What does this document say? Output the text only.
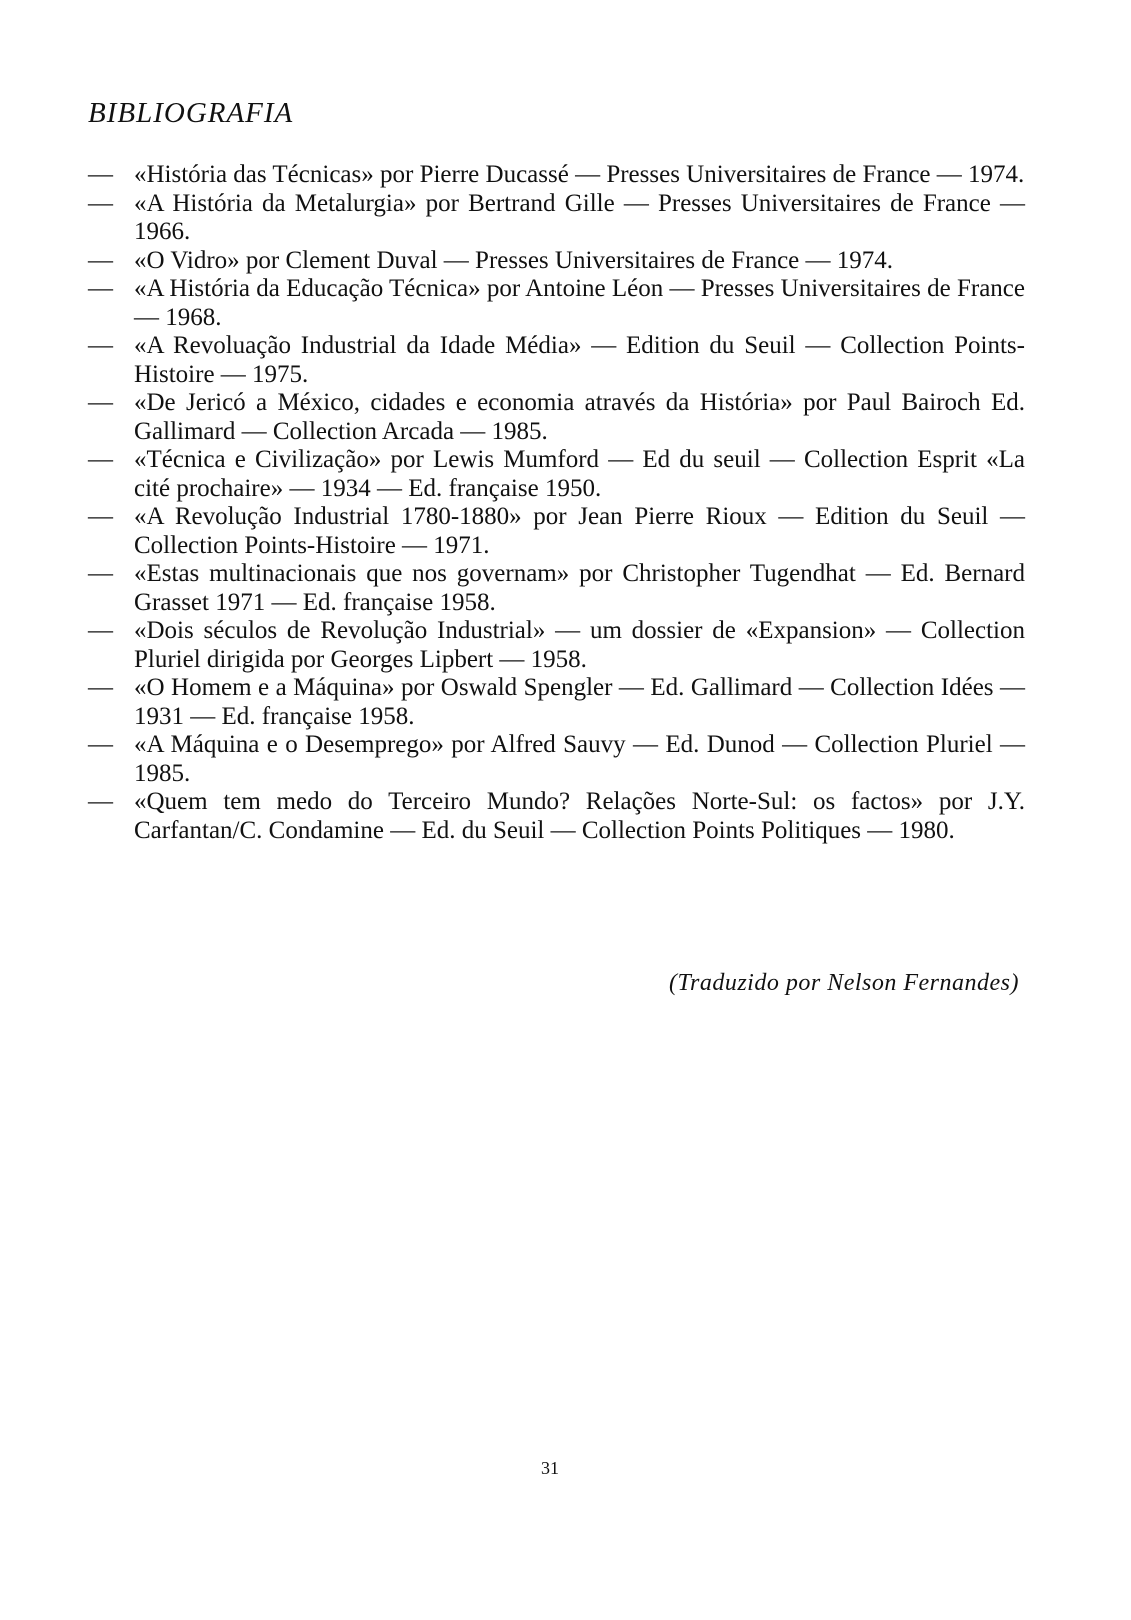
BIBLIOGRAFIA
— «História das Técnicas» por Pierre Ducassé — Presses Universitaires de France — 1974.
— «A História da Metalurgia» por Bertrand Gille — Presses Universitaires de France — 1966.
— «O Vidro» por Clement Duval — Presses Universitaires de France — 1974.
— «A História da Educação Técnica» por Antoine Léon — Presses Universitaires de France — 1968.
— «A Revoluação Industrial da Idade Média» — Edition du Seuil — Collection Points-Histoire — 1975.
— «De Jericó a México, cidades e economia através da História» por Paul Bairoch Ed. Gallimard — Collection Arcada — 1985.
— «Técnica e Civilização» por Lewis Mumford — Ed du seuil — Collection Esprit «La cité prochaire» — 1934 — Ed. française 1950.
— «A Revolução Industrial 1780-1880» por Jean Pierre Rioux — Edition du Seuil — Collection Points-Histoire — 1971.
— «Estas multinacionais que nos governam» por Christopher Tugendhat — Ed. Bernard Grasset 1971 — Ed. française 1958.
— «Dois séculos de Revolução Industrial» — um dossier de «Expansion» — Collection Pluriel dirigida por Georges Lipbert — 1958.
— «O Homem e a Máquina» por Oswald Spengler — Ed. Gallimard — Collection Idées — 1931 — Ed. française 1958.
— «A Máquina e o Desemprego» por Alfred Sauvy — Ed. Dunod — Collection Pluriel — 1985.
— «Quem tem medo do Terceiro Mundo? Relações Norte-Sul: os factos» por J.Y. Carfantan/C. Condamine — Ed. du Seuil — Collection Points Politiques — 1980.

(Traduzido por Nelson Fernandes)

31
